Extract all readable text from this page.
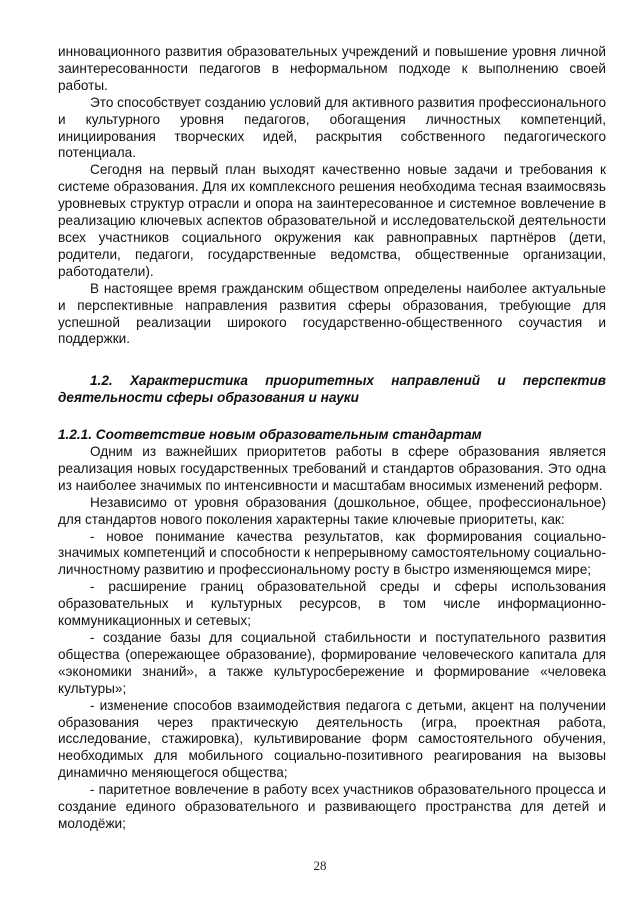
инновационного развития образовательных учреждений и повышение уровня личной заинтересованности педагогов в неформальном подходе к выполнению своей работы.

Это способствует созданию условий для активного развития профессионального и культурного уровня педагогов, обогащения личностных компетенций, инициирования творческих идей, раскрытия собственного педагогического потенциала.

Сегодня на первый план выходят качественно новые задачи и требования к системе образования. Для их комплексного решения необходима тесная взаимосвязь уровневых структур отрасли и опора на заинтересованное и системное вовлечение в реализацию ключевых аспектов образовательной и исследовательской деятельности всех участников социального окружения как равноправных партнёров (дети, родители, педагоги, государственные ведомства, общественные организации, работодатели).

В настоящее время гражданским обществом определены наиболее актуальные и перспективные направления развития сферы образования, требующие для успешной реализации широкого государственно-общественного соучастия и поддержки.

1.2. Характеристика приоритетных направлений и перспектив деятельности сферы образования и науки
1.2.1. Соответствие новым образовательным стандартам

Одним из важнейших приоритетов работы в сфере образования является реализация новых государственных требований и стандартов образования. Это одна из наиболее значимых по интенсивности и масштабам вносимых изменений реформ.

Независимо от уровня образования (дошкольное, общее, профессиональное) для стандартов нового поколения характерны такие ключевые приоритеты, как:

- новое понимание качества результатов, как формирования социально-значимых компетенций и способности к непрерывному самостоятельному социально-личностному развитию и профессиональному росту в быстро изменяющемся мире;

- расширение границ образовательной среды и сферы использования образовательных и культурных ресурсов, в том числе информационно-коммуникационных и сетевых;

- создание базы для социальной стабильности и поступательного развития общества (опережающее образование), формирование человеческого капитала для «экономики знаний», а также культуросбережение и формирование «человека культуры»;

- изменение способов взаимодействия педагога с детьми, акцент на получении образования через практическую деятельность (игра, проектная работа, исследование, стажировка), культивирование форм самостоятельного обучения, необходимых для мобильного социально-позитивного реагирования на вызовы динамично меняющегося общества;

- паритетное вовлечение в работу всех участников образовательного процесса и создание единого образовательного и развивающего пространства для детей и молодёжи;

28
